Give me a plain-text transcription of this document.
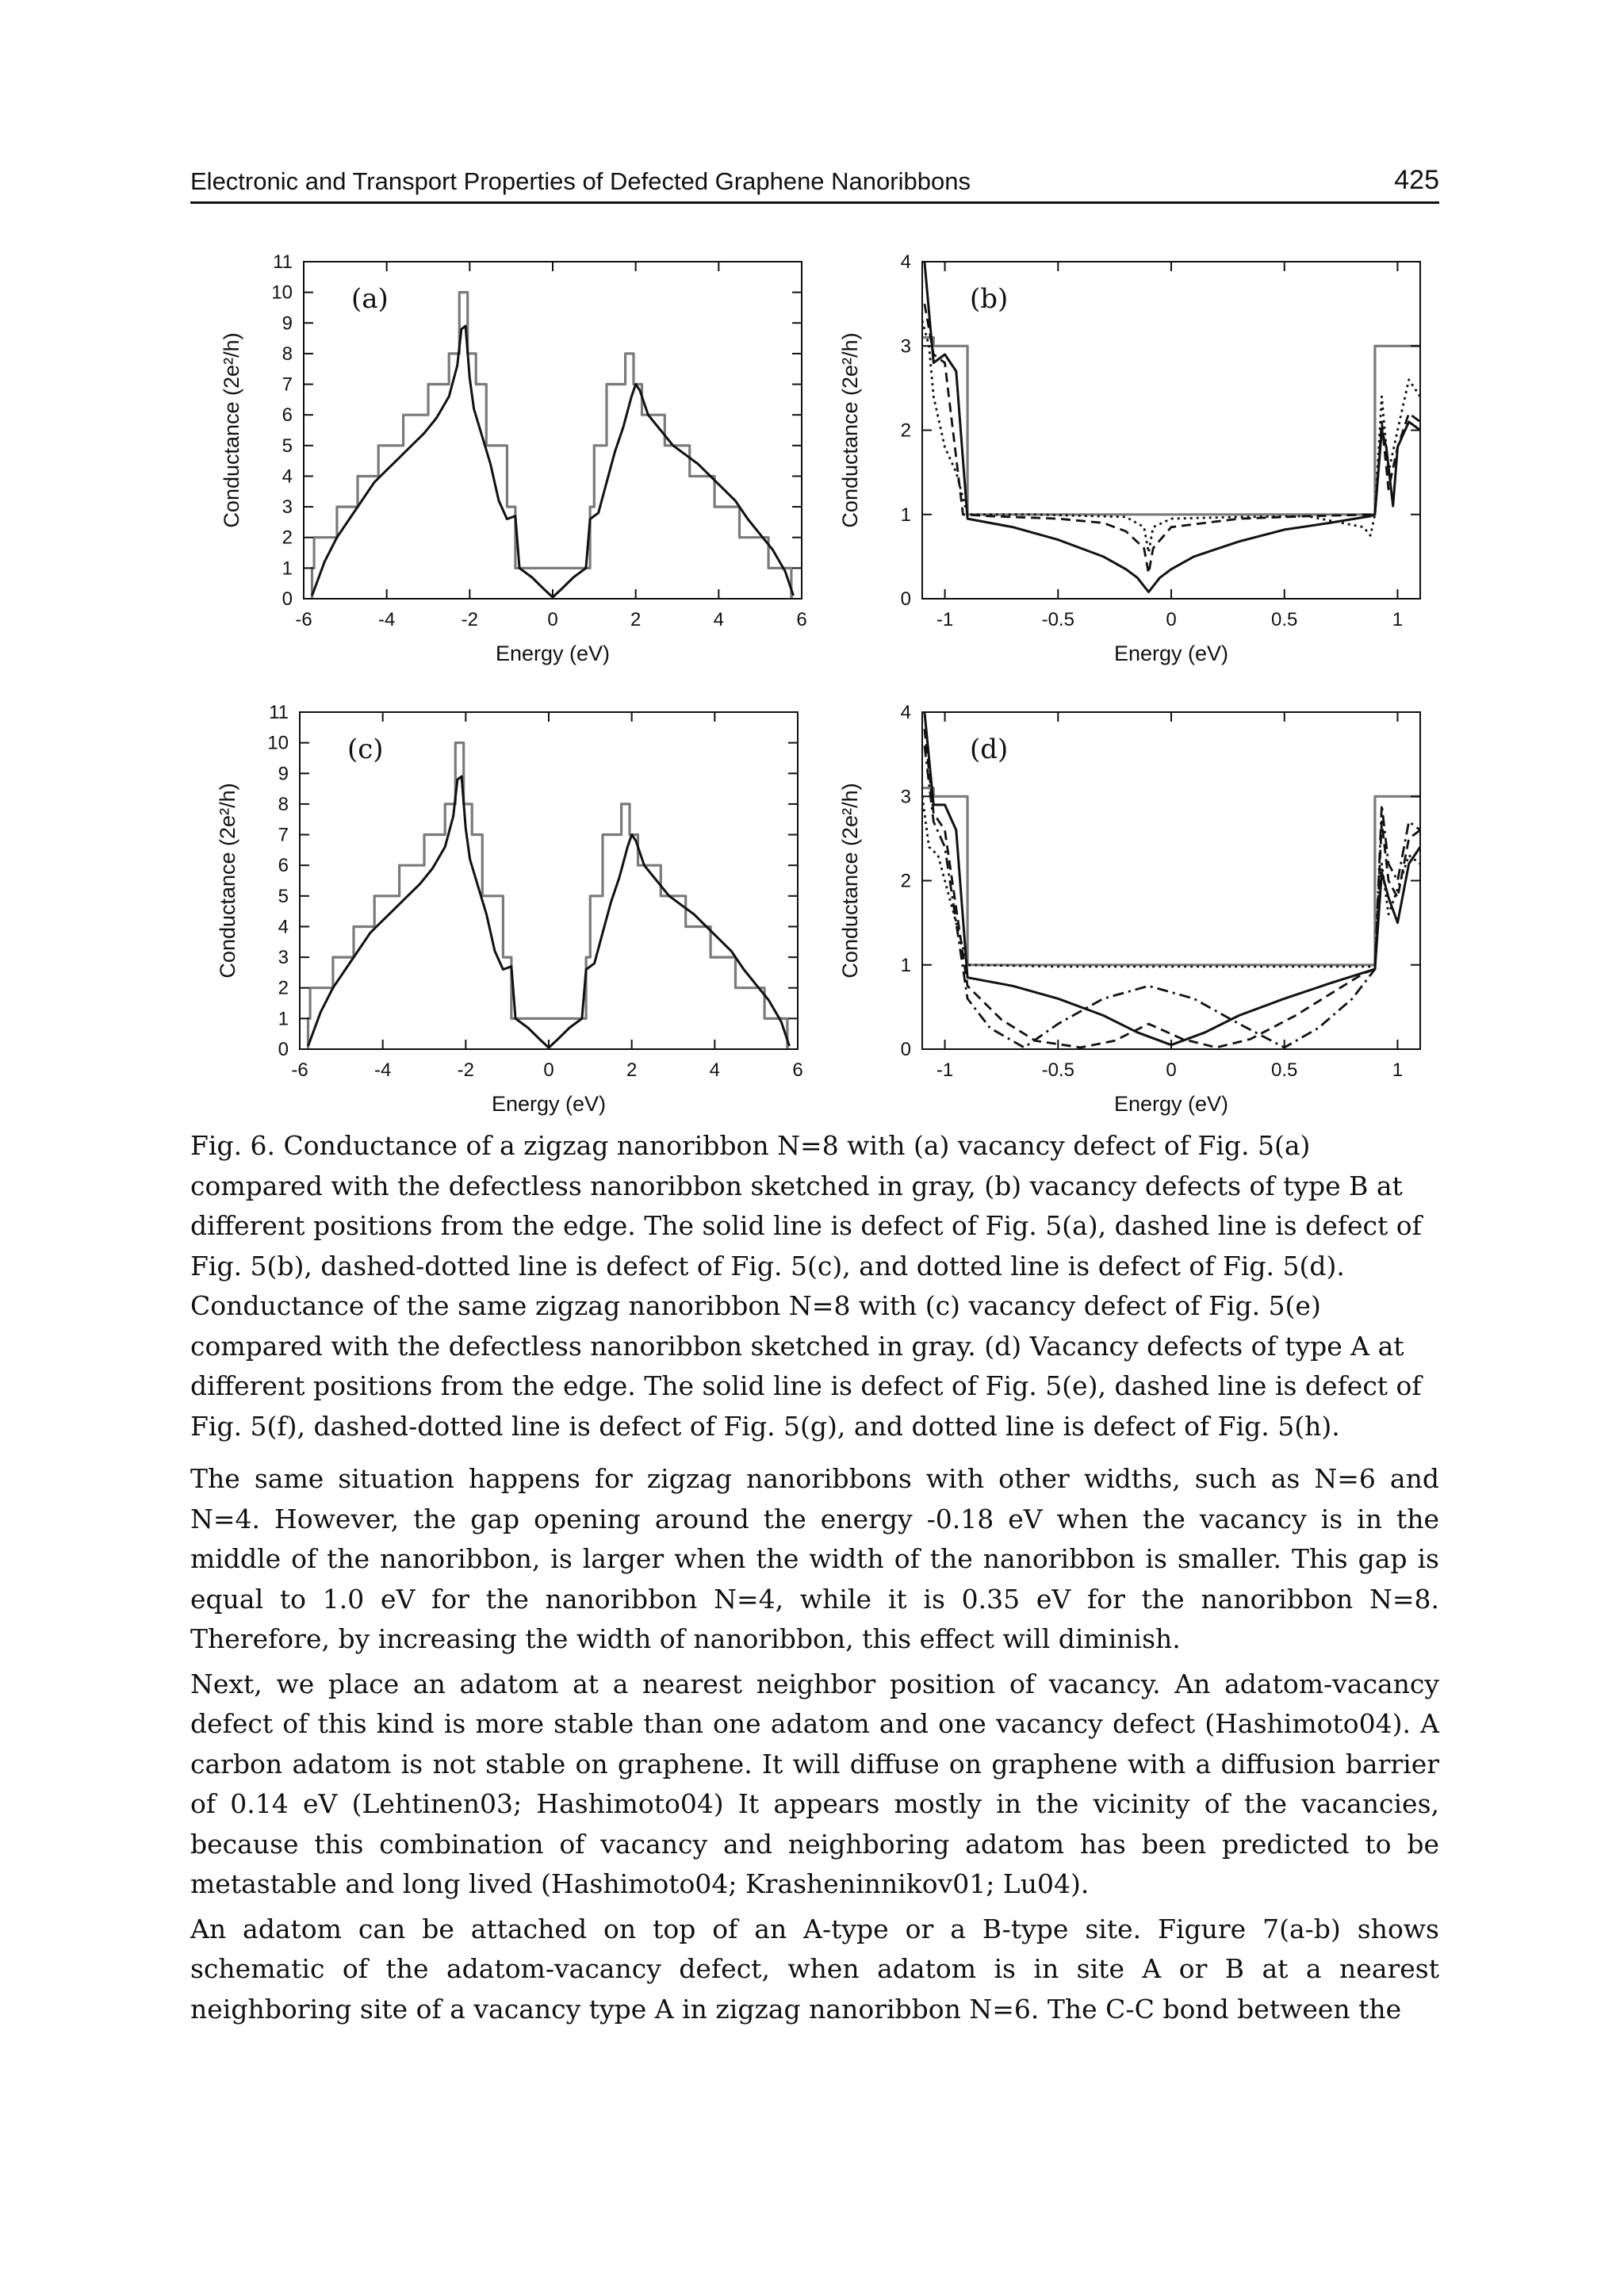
Electronic and Transport Properties of Defected Graphene Nanoribbons	425
-6	-4	-2	0	2	4	6
0
1
2
3
4
5
6
7
8
9
10
11
Energy (eV)
Conductance (2e²/h)
(a)
-1	-0.5	0	0.5	1
0
1
2
3
4
Energy (eV)
Conductance (2e²/h)
(b)
-6	-4	-2	0	2	4	6
0
1
2
3
4
5
6
7
8
9
10
11
Energy (eV)
Conductance (2e²/h)
(c)
-1	-0.5	0	0.5	1
0
1
2
3
4
Energy (eV)
Conductance (2e²/h)
(d)

Fig. 6. Conductance of a zigzag nanoribbon N=8 with (a) vacancy defect of Fig. 5(a)

compared with the defectless nanoribbon sketched in gray, (b) vacancy defects of type B at

different positions from the edge. The solid line is defect of Fig. 5(a), dashed line is defect of

Fig. 5(b), dashed-dotted line is defect of Fig. 5(c), and dotted line is defect of Fig. 5(d).

Conductance of the same zigzag nanoribbon N=8 with (c) vacancy defect of Fig. 5(e)

compared with the defectless nanoribbon sketched in gray. (d) Vacancy defects of type A at

different positions from the edge. The solid line is defect of Fig. 5(e), dashed line is defect of

Fig. 5(f), dashed-dotted line is defect of Fig. 5(g), and dotted line is defect of Fig. 5(h).

The same situation happens for zigzag nanoribbons with other widths, such as N=6 and N=4. However, the gap opening around the energy -0.18 eV when the vacancy is in the middle of the nanoribbon, is larger when the width of the nanoribbon is smaller. This gap is equal to 1.0 eV for the nanoribbon N=4, while it is 0.35 eV for the nanoribbon N=8. Therefore, by increasing the width of nanoribbon, this effect will diminish.

Next, we place an adatom at a nearest neighbor position of vacancy. An adatom-vacancy defect of this kind is more stable than one adatom and one vacancy defect (Hashimoto04). A carbon adatom is not stable on graphene. It will diffuse on graphene with a diffusion barrier of 0.14 eV (Lehtinen03; Hashimoto04) It appears mostly in the vicinity of the vacancies, because this combination of vacancy and neighboring adatom has been predicted to be metastable and long lived (Hashimoto04; Krasheninnikov01; Lu04).

An adatom can be attached on top of an A-type or a B-type site. Figure 7(a-b) shows schematic of the adatom-vacancy defect, when adatom is in site A or B at a nearest neighboring site of a vacancy type A in zigzag nanoribbon N=6. The C-C bond between the
